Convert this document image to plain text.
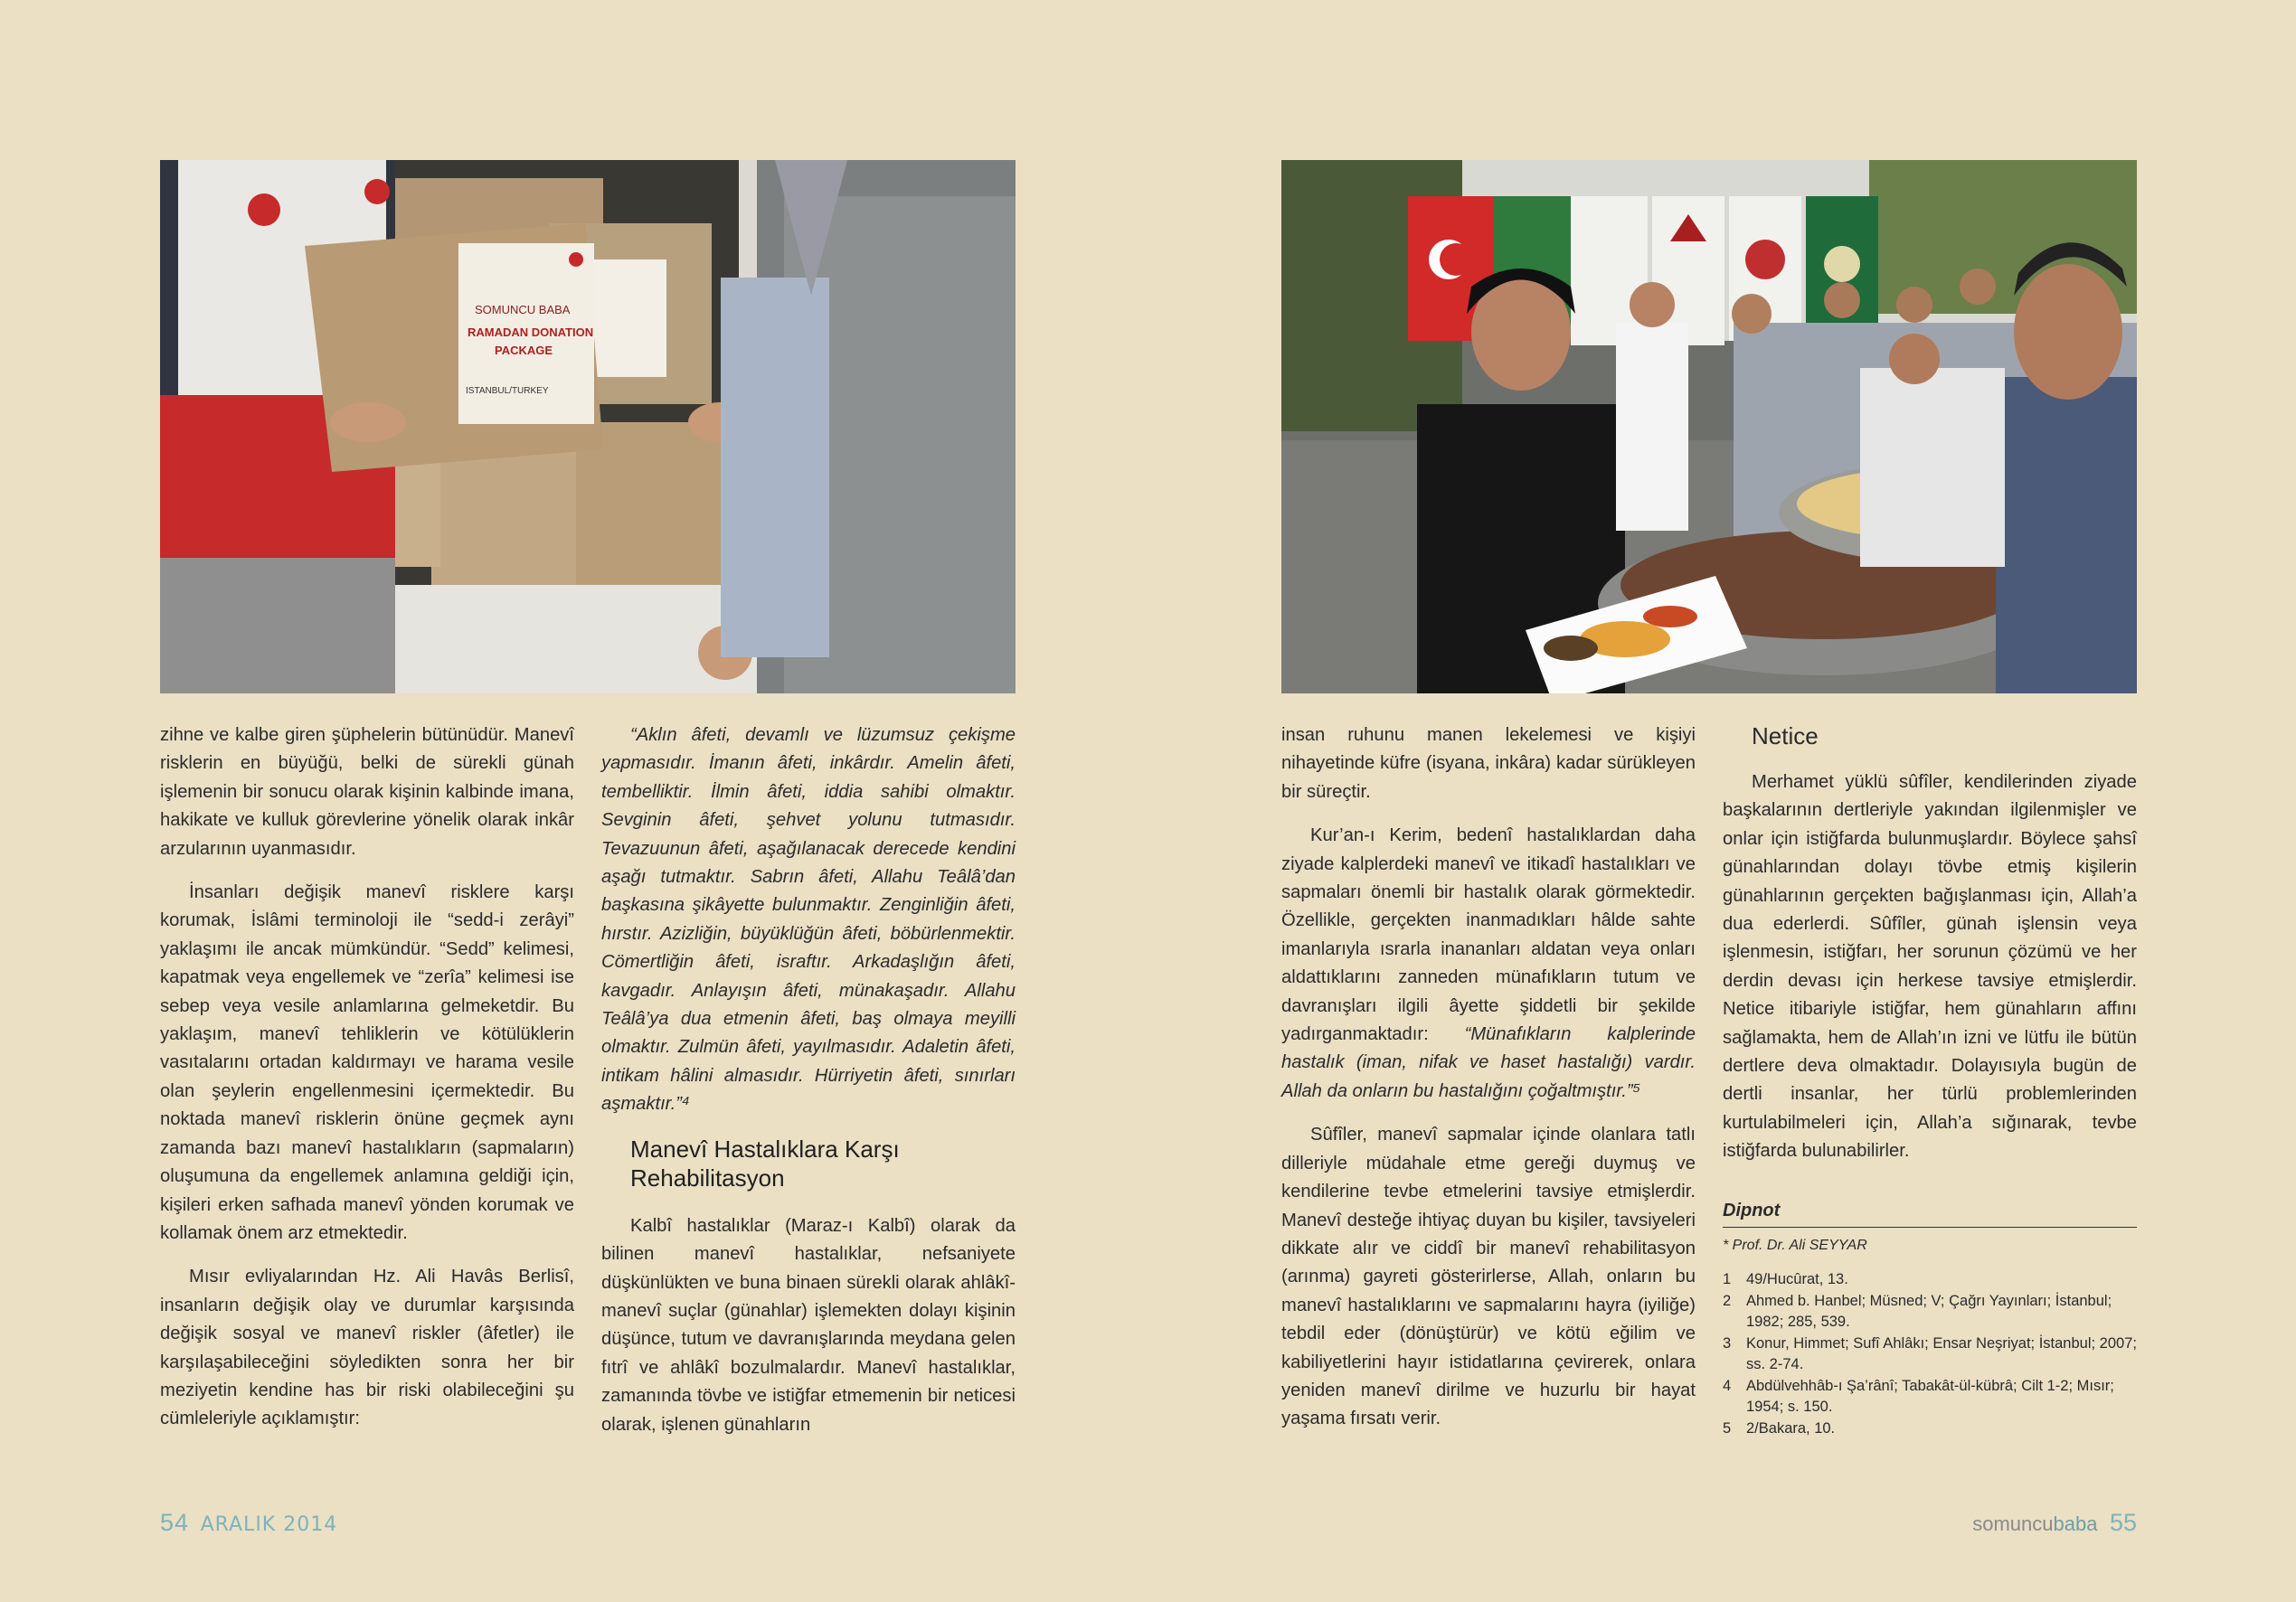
SOMUNCU BABA
RAMADAN DONATION
PACKAGE
ISTANBUL/TURKEY

zihne ve kalbe giren şüphelerin bütünüdür. Manevî risklerin en büyüğü, belki de sürekli günah işlemenin bir sonucu olarak kişinin kalbinde imana, hakikate ve kulluk görevlerine yönelik olarak inkâr arzularının uyanmasıdır.

İnsanları değişik manevî risklere karşı korumak, İslâmi terminoloji ile “sedd-i zerâyi” yaklaşımı ile ancak mümkündür. “Sedd” kelimesi, kapatmak veya engellemek ve “zerîa” kelimesi ise sebep veya vesile anlamlarına gelmeketdir. Bu yaklaşım, manevî tehliklerin ve kötülüklerin vasıtalarını ortadan kaldırmayı ve harama vesile olan şeylerin engellenmesini içermektedir. Bu noktada manevî risklerin önüne geçmek aynı zamanda bazı manevî hastalıkların (sapmaların) oluşumuna da engellemek anlamına geldiği için, kişileri erken safhada manevî yönden korumak ve kollamak önem arz etmektedir.

Mısır evliyalarından Hz. Ali Havâs Berlisî, insanların değişik olay ve durumlar karşısında değişik sosyal ve manevî riskler (âfetler) ile karşılaşabileceğini söyledikten sonra her bir meziyetin kendine has bir riski olabileceğini şu cümleleriyle açıklamıştır:

“Aklın âfeti, devamlı ve lüzumsuz çekişme yapmasıdır. İmanın âfeti, inkârdır. Amelin âfeti, tembelliktir. İlmin âfeti, iddia sahibi olmaktır. Sevginin âfeti, şehvet yolunu tutmasıdır. Tevazuunun âfeti, aşağılanacak derecede kendini aşağı tutmaktır. Sabrın âfeti, Allahu Teâlâ’dan başkasına şikâyette bulunmaktır. Zenginliğin âfeti, hırstır. Azizliğin, büyüklüğün âfeti, böbürlenmektir. Cömertliğin âfeti, israftır. Arkadaşlığın âfeti, kavgadır. Anlayışın âfeti, münakaşadır. Allahu Teâlâ’ya dua etmenin âfeti, baş olmaya meyilli olmaktır. Zulmün âfeti, yayılmasıdır. Adaletin âfeti, intikam hâlini almasıdır. Hürriyetin âfeti, sınırları aşmaktır.”⁴

Manevî Hastalıklara Karşı Rehabilitasyon

Kalbî hastalıklar (Maraz-ı Kalbî) olarak da bilinen manevî hastalıklar, nefsaniyete düşkünlükten ve buna binaen sürekli olarak ahlâkî-manevî suçlar (günahlar) işlemekten dolayı kişinin düşünce, tutum ve davranışlarında meydana gelen fıtrî ve ahlâkî bozulmalardır. Manevî hastalıklar, zamanında tövbe ve istiğfar etmemenin bir neticesi olarak, işlenen günahların

insan ruhunu manen lekelemesi ve kişiyi nihayetinde küfre (isyana, inkâra) kadar sürükleyen bir süreçtir.

Kur’an-ı Kerim, bedenî hastalıklardan daha ziyade kalplerdeki manevî ve itikadî hastalıkları ve sapmaları önemli bir hastalık olarak görmektedir. Özellikle, gerçekten inanmadıkları hâlde sahte imanlarıyla ısrarla inananları aldatan veya onları aldattıklarını zanneden münafıkların tutum ve davranışları ilgili âyette şiddetli bir şekilde yadırganmaktadır: “Münafıkların kalplerinde hastalık (iman, nifak ve haset hastalığı) vardır. Allah da onların bu hastalığını çoğaltmıştır.”⁵

Sûfîler, manevî sapmalar içinde olanlara tatlı dilleriyle müdahale etme gereği duymuş ve kendilerine tevbe etmelerini tavsiye etmişlerdir. Manevî desteğe ihtiyaç duyan bu kişiler, tavsiyeleri dikkate alır ve ciddî bir manevî rehabilitasyon (arınma) gayreti gösterirlerse, Allah, onların bu manevî hastalıklarını ve sapmalarını hayra (iyiliğe) tebdil eder (dönüştürür) ve kötü eğilim ve kabiliyetlerini hayır istidatlarına çevirerek, onlara yeniden manevî dirilme ve huzurlu bir hayat yaşama fırsatı verir.

Netice

Merhamet yüklü sûfîler, kendilerinden ziyade başkalarının dertleriyle yakından ilgilenmişler ve onlar için istiğfarda bulunmuşlardır. Böylece şahsî günahlarından dolayı tövbe etmiş kişilerin günahlarının gerçekten bağışlanması için, Allah’a dua ederlerdi. Sûfîler, günah işlensin veya işlenmesin, istiğfarı, her sorunun çözümü ve her derdin devası için herkese tavsiye etmişlerdir. Netice itibariyle istiğfar, hem günahların affını sağlamakta, hem de Allah’ın izni ve lütfu ile bütün dertlere deva olmaktadır. Dolayısıyla bugün de dertli insanlar, her türlü problemlerinden kurtulabilmeleri için, Allah’a sığınarak, tevbe istiğfarda bulunabilirler.

Dipnot
* Prof. Dr. Ali SEYYAR
1	49/Hucûrat, 13.
2	Ahmed b. Hanbel; Müsned; V; Çağrı Yayınları; İstanbul; 1982; 285, 539.
3	Konur, Himmet; Sufî Ahlâkı; Ensar Neşriyat; İstanbul; 2007; ss. 2-74.
4	Abdülvehhâb-ı Şa’rânî; Tabakât-ül-kübrâ; Cilt 1-2; Mısır; 1954; s. 150.
5	2/Bakara, 10.
54 ARALIK 2014	somuncubaba 55
